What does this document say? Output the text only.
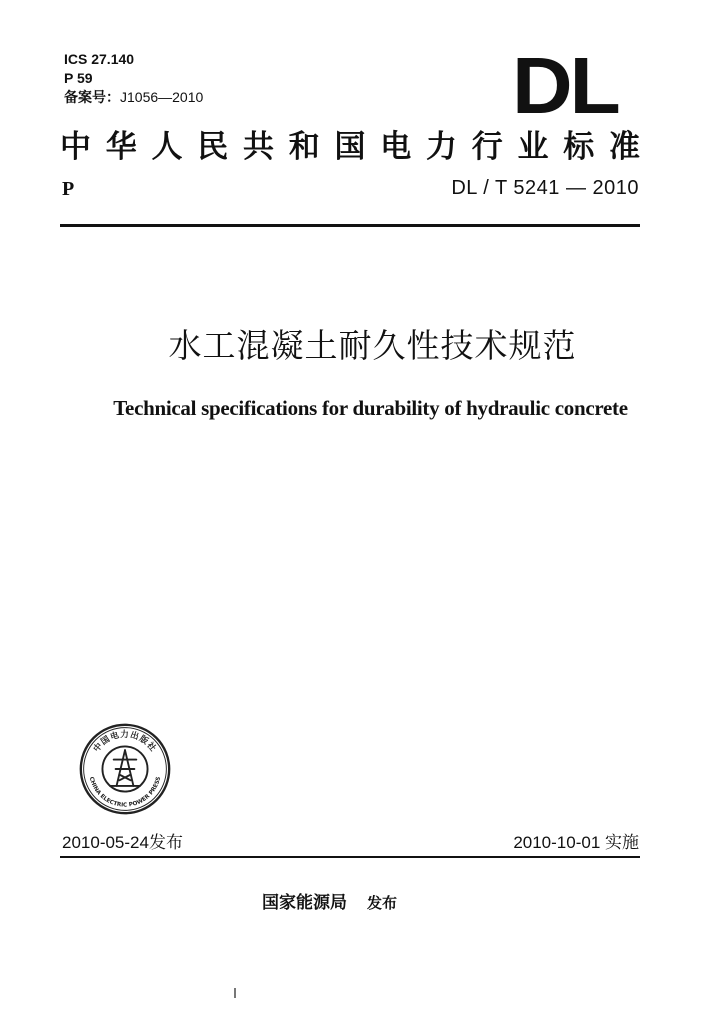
ICS 27.140
P 59
备案号：J1056—2010	DL
中 华 人 民 共 和 国 电 力 行 业 标 准
P	DL / T 5241 — 2010
水工混凝土耐久性技术规范
Technical specifications for durability of hydraulic concrete
中国电力出版社
CHINA ELECTRIC POWER PRESS
2010-05-24发布	2010-10-01 实施
国家能源局 发布
